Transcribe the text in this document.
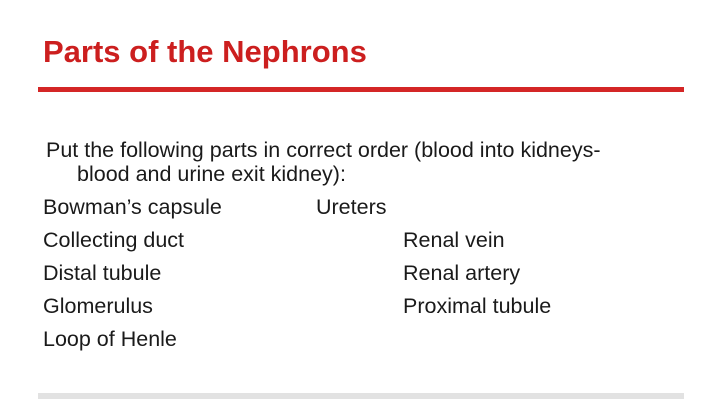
Parts of the Nephrons
Put the following parts in correct order (blood into kidneys-
blood and urine exit kidney):
Bowman’s capsule
Collecting duct
Distal tubule
Glomerulus
Loop of Henle
Ureters
Renal vein
Renal artery
Proximal tubule
